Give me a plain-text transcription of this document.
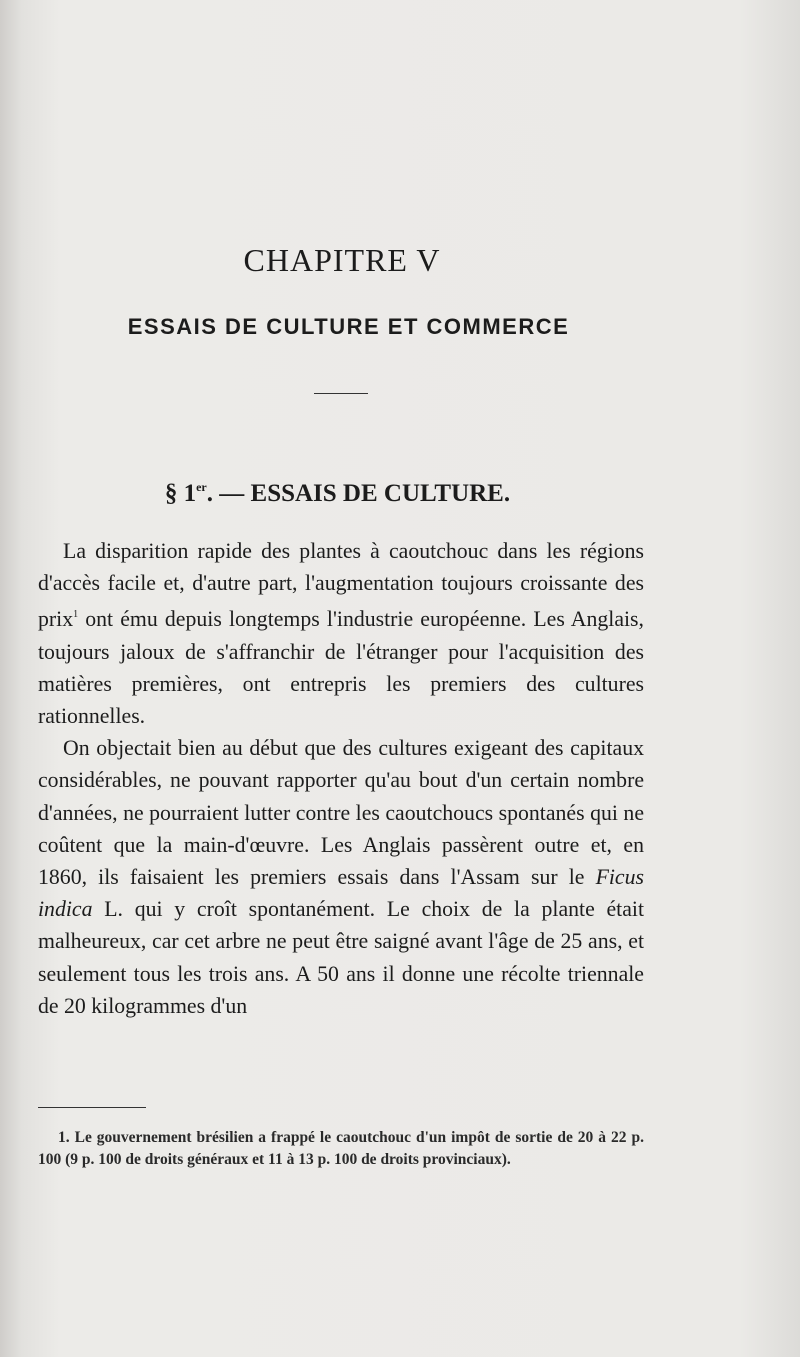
CHAPITRE V
ESSAIS DE CULTURE ET COMMERCE
§ 1er. — ESSAIS DE CULTURE.

La disparition rapide des plantes à caoutchouc dans les régions d'accès facile et, d'autre part, l'augmentation toujours croissante des prix$^1$ ont ému depuis longtemps l'industrie européenne. Les Anglais, toujours jaloux de s'affranchir de l'étranger pour l'acquisition des matières premières, ont entrepris les premiers des cultures rationnelles.

On objectait bien au début que des cultures exigeant des capitaux considérables, ne pouvant rapporter qu'au bout d'un certain nombre d'années, ne pourraient lutter contre les caoutchoucs spontanés qui ne coûtent que la main-d'œuvre. Les Anglais passèrent outre et, en 1860, ils faisaient les premiers essais dans l'Assam sur le Ficus indica L. qui y croît spontanément. Le choix de la plante était malheureux, car cet arbre ne peut être saigné avant l'âge de 25 ans, et seulement tous les trois ans. A 50 ans il donne une récolte triennale de 20 kilogrammes d'un

1. Le gouvernement brésilien a frappé le caoutchouc d'un impôt de sortie de 20 à 22 p. 100 (9 p. 100 de droits généraux et 11 à 13 p. 100 de droits provinciaux).
